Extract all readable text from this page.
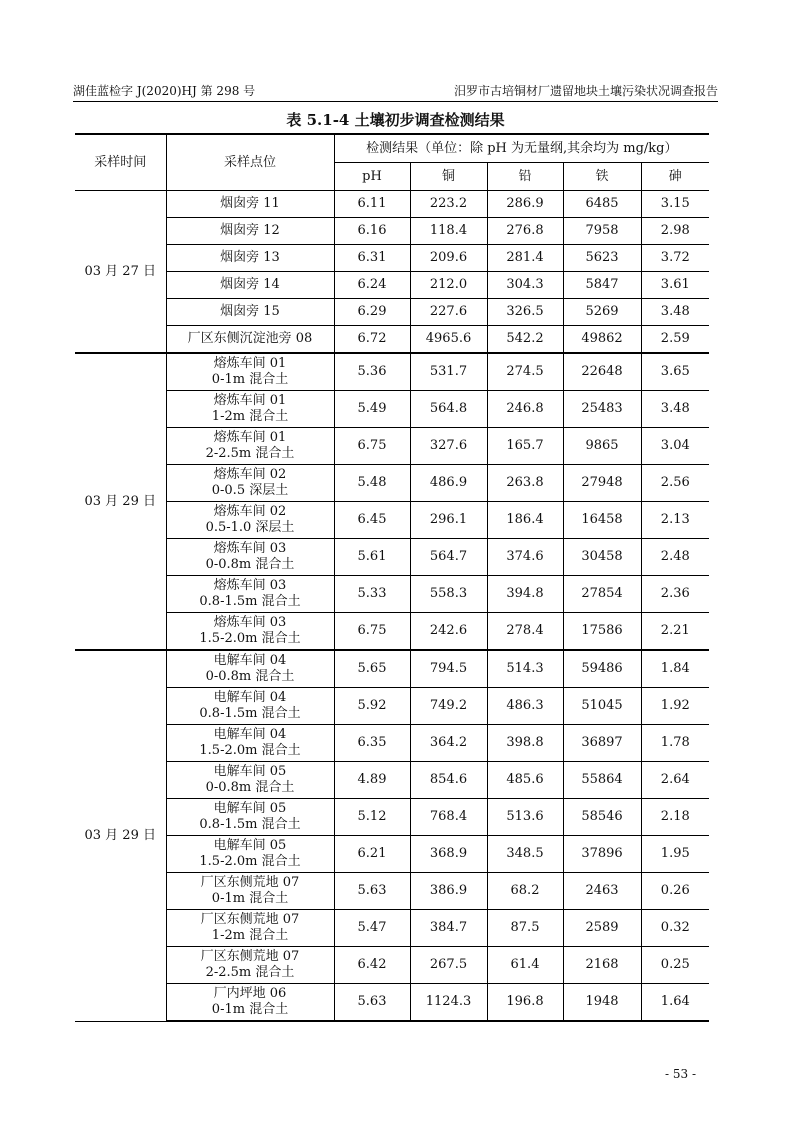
湖佳蓝检字 J(2020)HJ 第 298 号	汨罗市古培铜材厂遗留地块土壤污染状况调查报告
表 5.1-4 土壤初步调查检测结果
采样时间	采样点位	检测结果（单位：除 pH 为无量纲,其余均为 mg/kg）				
		pH	铜	铅	铁	砷
03 月 27 日	烟囱旁 11	6.11	223.2	286.9	6485	3.15

	烟囱旁 12	6.16	118.4	276.8	7958	2.98

	烟囱旁 13	6.31	209.6	281.4	5623	3.72

	烟囱旁 14	6.24	212.0	304.3	5847	3.61

	烟囱旁 15	6.29	227.6	326.5	5269	3.48

	厂区东侧沉淀池旁 08	6.72	4965.6	542.2	49862	2.59
03 月 29 日	熔炼车间 01
0-1m 混合土	5.36	531.7	274.5	22648	3.65

	熔炼车间 01
1-2m 混合土	5.49	564.8	246.8	25483	3.48

	熔炼车间 01
2-2.5m 混合土	6.75	327.6	165.7	9865	3.04

	熔炼车间 02
0-0.5 深层土	5.48	486.9	263.8	27948	2.56

	熔炼车间 02
0.5-1.0 深层土	6.45	296.1	186.4	16458	2.13

	熔炼车间 03
0-0.8m 混合土	5.61	564.7	374.6	30458	2.48

	熔炼车间 03
0.8-1.5m 混合土	5.33	558.3	394.8	27854	2.36

	熔炼车间 03
1.5-2.0m 混合土	6.75	242.6	278.4	17586	2.21
03 月 29 日	电解车间 04
0-0.8m 混合土	5.65	794.5	514.3	59486	1.84

	电解车间 04
0.8-1.5m 混合土	5.92	749.2	486.3	51045	1.92

	电解车间 04
1.5-2.0m 混合土	6.35	364.2	398.8	36897	1.78

	电解车间 05
0-0.8m 混合土	4.89	854.6	485.6	55864	2.64

	电解车间 05
0.8-1.5m 混合土	5.12	768.4	513.6	58546	2.18

	电解车间 05
1.5-2.0m 混合土	6.21	368.9	348.5	37896	1.95

	厂区东侧荒地 07
0-1m 混合土	5.63	386.9	68.2	2463	0.26

	厂区东侧荒地 07
1-2m 混合土	5.47	384.7	87.5	2589	0.32

	厂区东侧荒地 07
2-2.5m 混合土	6.42	267.5	61.4	2168	0.25

	厂内坪地 06
0-1m 混合土	5.63	1124.3	196.8	1948	1.64
- 53 -
